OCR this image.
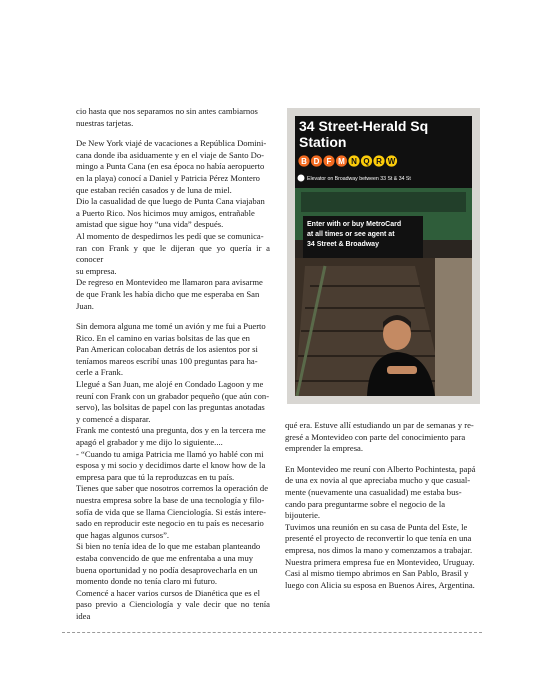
cio hasta que nos separamos no sin antes cambiarnos
nuestras tarjetas.

De New York viajé de vacaciones a República Domini-
cana donde iba asiduamente y en el viaje de Santo Do-
mingo a Punta Cana (en esa época no había aeropuerto
en la playa) conocí a Daniel y Patricia Pérez Montero
que estaban recién casados y de luna de miel.
Dio la casualidad de que luego de Punta Cana viajaban
a Puerto Rico. Nos hicimos muy amigos, entrañable
amistad que sigue hoy “una vida” después.
Al momento de despedirnos les pedí que se comunica-
ran con Frank y que le dijeran que yo quería ir a conocer
su empresa.
De regreso en Montevideo me llamaron para avisarme
de que Frank les había dicho que me esperaba en San
Juan.

Sin demora alguna me tomé un avión y me fui a Puerto
Rico. En el camino en varias bolsitas de las que en
Pan American colocaban detrás de los asientos por si
teníamos mareos escribí unas 100 preguntas para ha-
cerle a Frank.
Llegué a San Juan, me alojé en Condado Lagoon y me
reuní con Frank con un grabador pequeño (que aún con-
servo), las bolsitas de papel con las preguntas anotadas
y comencé a disparar.
Frank me contestó una pregunta, dos y en la tercera me
apagó el grabador y me dijo lo siguiente....
- “Cuando tu amiga Patricia me llamó yo hablé con mi
esposa y mi socio y decidimos darte el know how de la
empresa para que tú la reproduzcas en tu país.
Tienes que saber que nosotros corremos la operación de
nuestra empresa sobre la base de una tecnología y filo-
sofía de vida que se llama Cienciología. Si estás intere-
sado en reproducir este negocio en tu país es necesario
que hagas algunos cursos”.
Si bien no tenía idea de lo que me estaban planteando
estaba convencido de que me enfrentaba a una muy
buena oportunidad y no podía desaprovecharla en un
momento donde no tenía claro mi futuro.
Comencé a hacer varios cursos de Dianética que es el
paso previo a Cienciología y vale decir que no tenía idea

34 Street-Herald Sq
Station
B D F M N Q R W
Elevator on Broadway between 33 St & 34 St
Enter with or buy MetroCard
at all times or see agent at
34 Street & Broadway

qué era. Estuve allí estudiando un par de semanas y re-
gresé a Montevideo con parte del conocimiento para
emprender la empresa.

En Montevideo me reuní con Alberto Pochintesta, papá
de una ex novia al que apreciaba mucho y que casual-
mente (nuevamente una casualidad) me estaba bus-
cando para preguntarme sobre el negocio de la
bijouterie.
Tuvimos una reunión en su casa de Punta del Este, le
presenté el proyecto de reconvertir lo que tenía en una
empresa, nos dimos la mano y comenzamos a trabajar.
Nuestra primera empresa fue en Montevideo, Uruguay.
Casi al mismo tiempo abrimos en San Pablo, Brasil y
luego con Alicia su esposa en Buenos Aires, Argentina.
